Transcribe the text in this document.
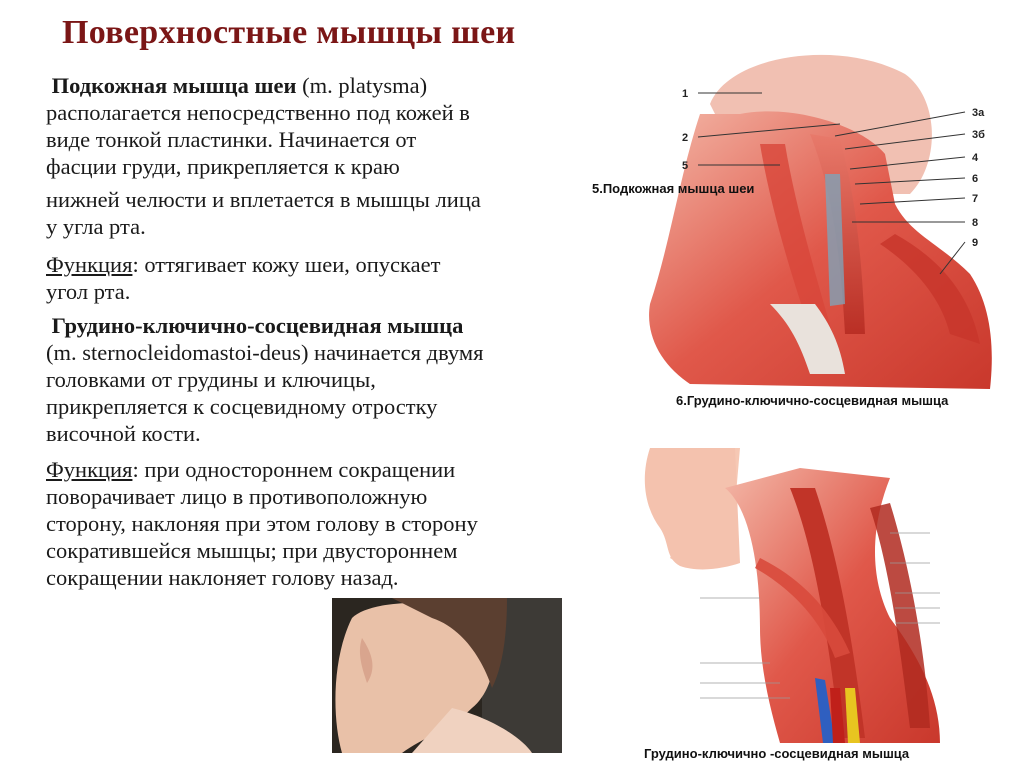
Поверхностные мышцы шеи
Подкожная мышца шеи (m. platysma)
располагается непосредственно под кожей в
виде тонкой пластинки. Начинается от
фасции груди, прикрепляется к краю
нижней челюсти и вплетается в мышцы лица
у угла рта.
Функция: оттягивает кожу шеи, опускает
угол рта.
Грудино-ключично-сосцевидная мышца
(m. sternocleidomastoi-deus) начинается двумя
головками от грудины и ключицы,
прикрепляется к сосцевидному отростку
височной кости.
Функция: при одностороннем сокращении
поворачивает лицо в противоположную
сторону, наклоняя при этом голову в сторону
сократившейся мышцы; при двустороннем
сокращении наклоняет голову назад.
1
2
5
3а
3б
4
6
7
8
9
5.Подкожная мышца шеи
6.Грудино-ключично-сосцевидная мышца
Грудино-ключично -сосцевидная мышца
